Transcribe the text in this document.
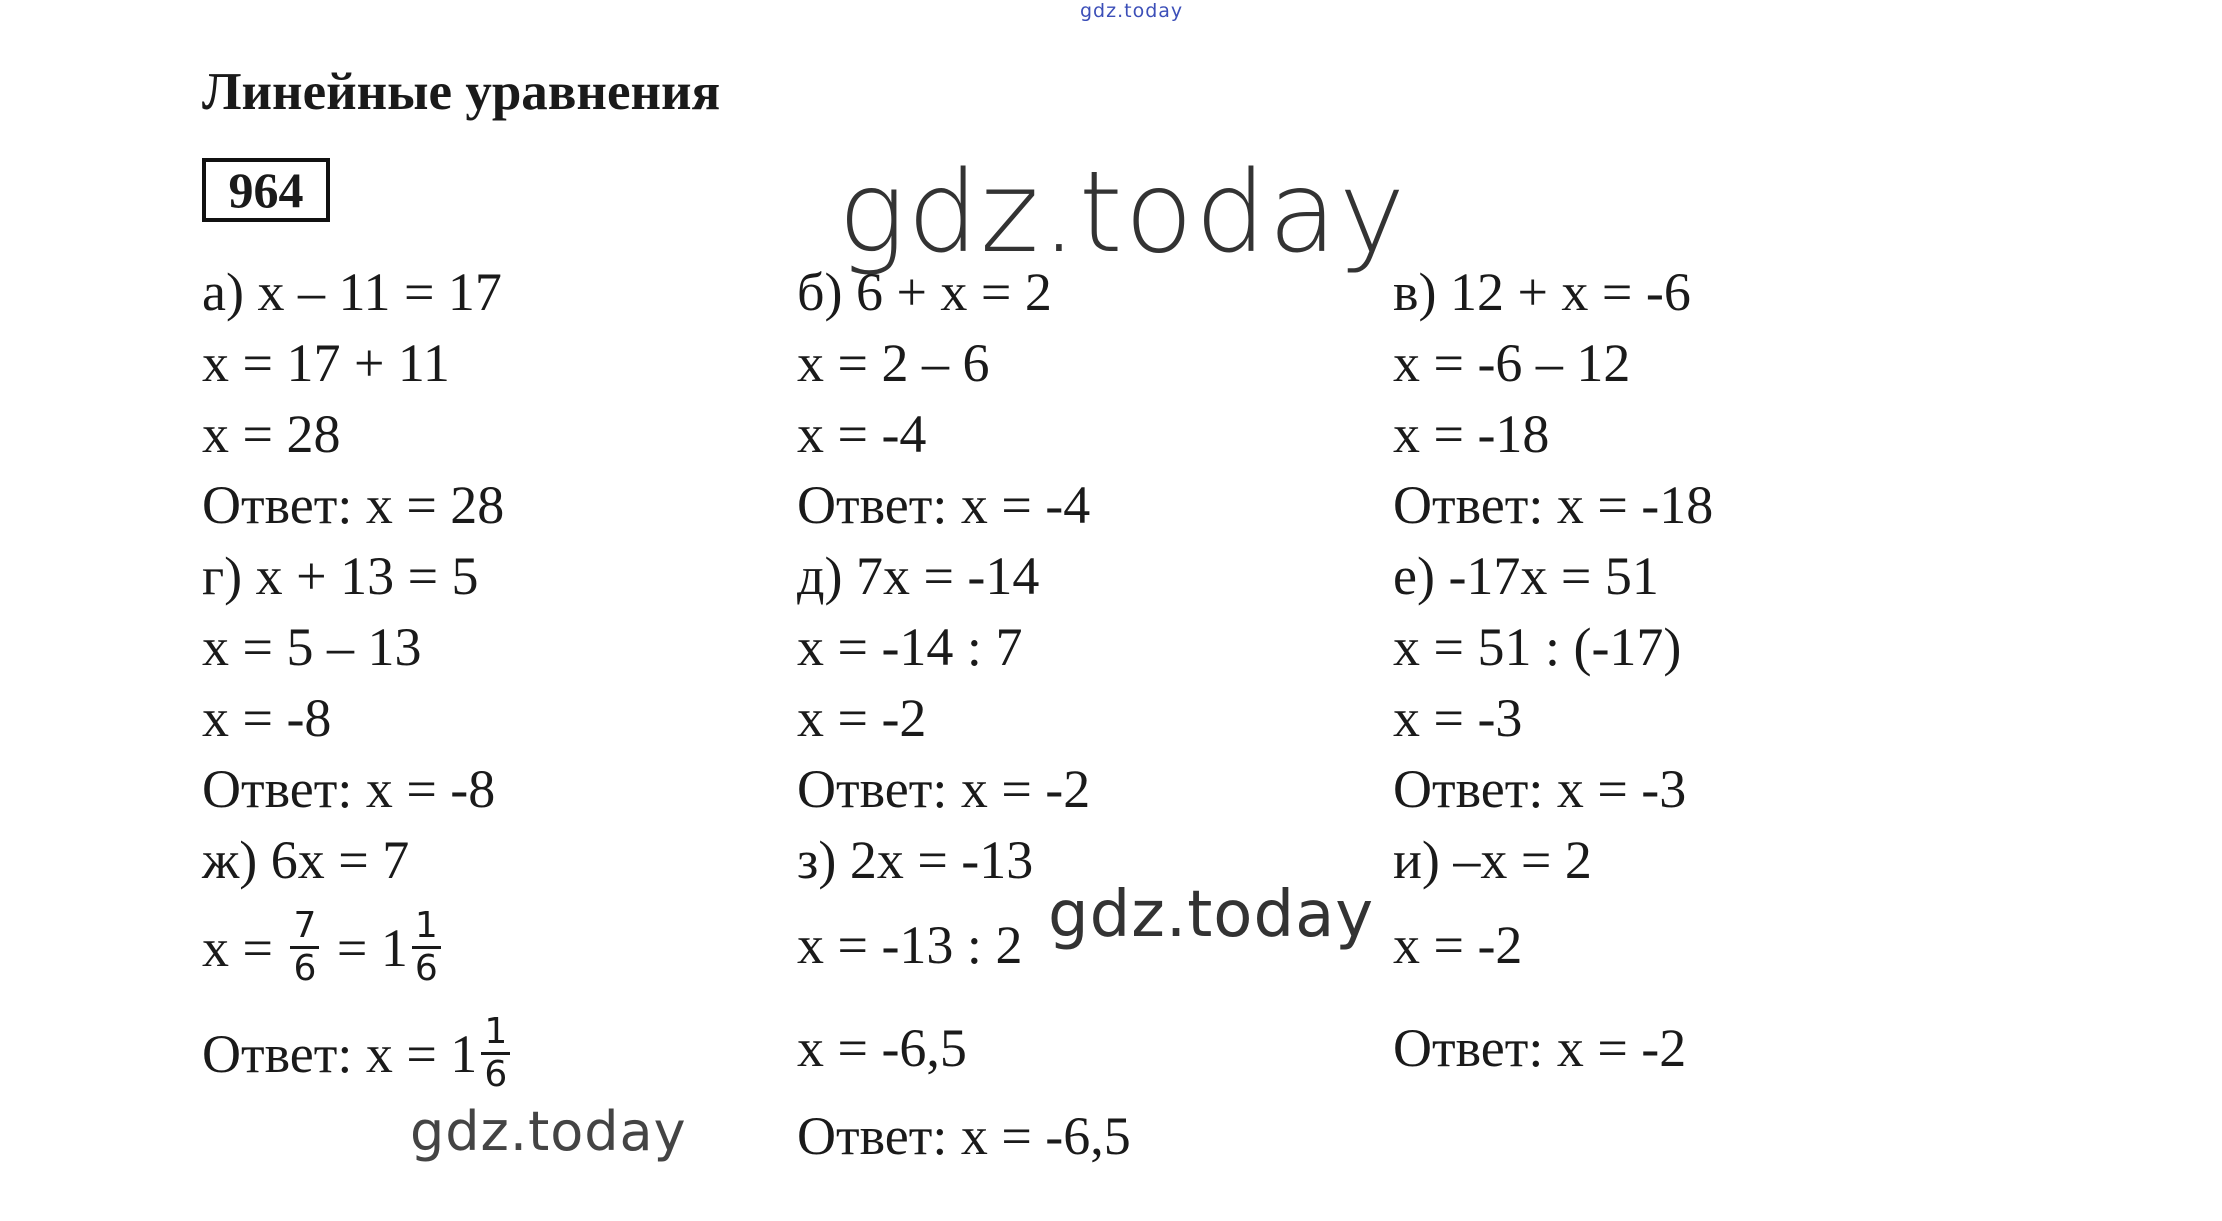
gdz.today
gdz.today
Линейные уравнения
964
а) x – 11 = 17
x = 17 + 11
x = 28
Ответ: x = 28
г) x + 13 = 5
x = 5 – 13
x = -8
Ответ: x = -8
ж) 6x = 7
$x = \frac{7}{6} = 1 \frac{1}{6}$
Ответ: $x = 1 \frac{1}{6}$
б) 6 + x = 2
x = 2 – 6
x = -4
Ответ: x = -4
д) 7x = -14
x = -14 : 7
x = -2
Ответ: x = -2
з) 2x = -13
x = -13 : 2
x = -6,5
Ответ: x = -6,5
в) 12 + x = -6
x = -6 – 12
x = -18
Ответ: x = -18
е) -17x = 51
x = 51 : (-17)
x = -3
Ответ: x = -3
и) –x = 2
x = -2
Ответ: x = -2
gdz.today
gdz.today
